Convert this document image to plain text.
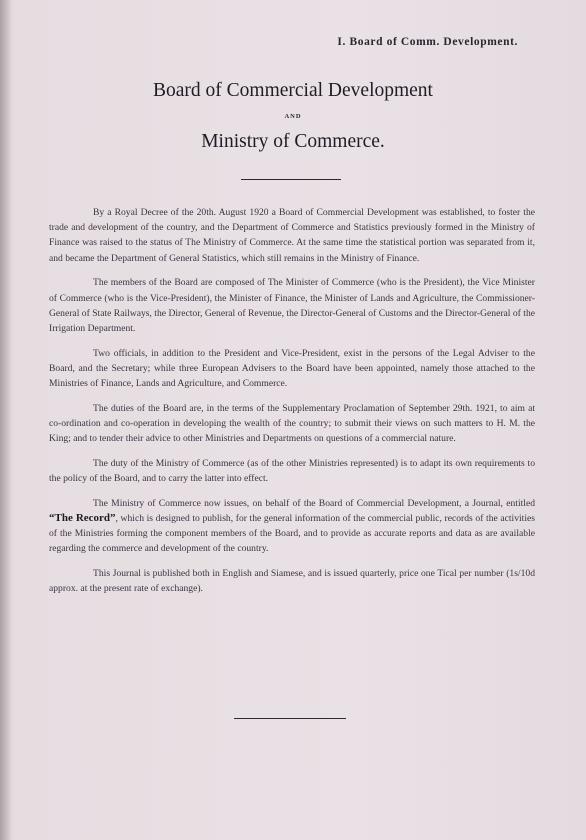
I. Board of Comm. Development.
Board of Commercial Development
AND
Ministry of Commerce.

By a Royal Decree of the 20th. August 1920 a Board of Commercial Development was established, to foster the trade and development of the country, and the Department of Commerce and Statistics previously formed in the Ministry of Finance was raised to the status of The Ministry of Commerce. At the same time the statistical portion was separated from it, and became the Department of General Statistics, which still remains in the Ministry of Finance.

The members of the Board are composed of The Minister of Commerce (who is the President), the Vice Minister of Commerce (who is the Vice-President), the Minister of Finance, the Minister of Lands and Agriculture, the Commissioner-General of State Railways, the Director, General of Revenue, the Director-General of Customs and the Director-General of the Irrigation Department.

Two officials, in addition to the President and Vice-President, exist in the persons of the Legal Adviser to the Board, and the Secretary; while three European Advisers to the Board have been appointed, namely those attached to the Ministries of Finance, Lands and Agriculture, and Commerce.

The duties of the Board are, in the terms of the Supplementary Proclamation of September 29th. 1921, to aim at co-ordination and co-operation in developing the wealth of the country; to submit their views on such matters to H. M. the King; and to tender their advice to other Ministries and Departments on questions of a commercial nature.

The duty of the Ministry of Commerce (as of the other Ministries represented) is to adapt its own requirements to the policy of the Board, and to carry the latter into effect.

The Ministry of Commerce now issues, on behalf of the Board of Commercial Development, a Journal, entitled “The Record”, which is designed to publish, for the general information of the commercial public, records of the activities of the Ministries forming the component members of the Board, and to provide as accurate reports and data as are available regarding the commerce and development of the country.

This Journal is published both in English and Siamese, and is issued quarterly, price one Tical per number (1s/10d approx. at the present rate of exchange).
